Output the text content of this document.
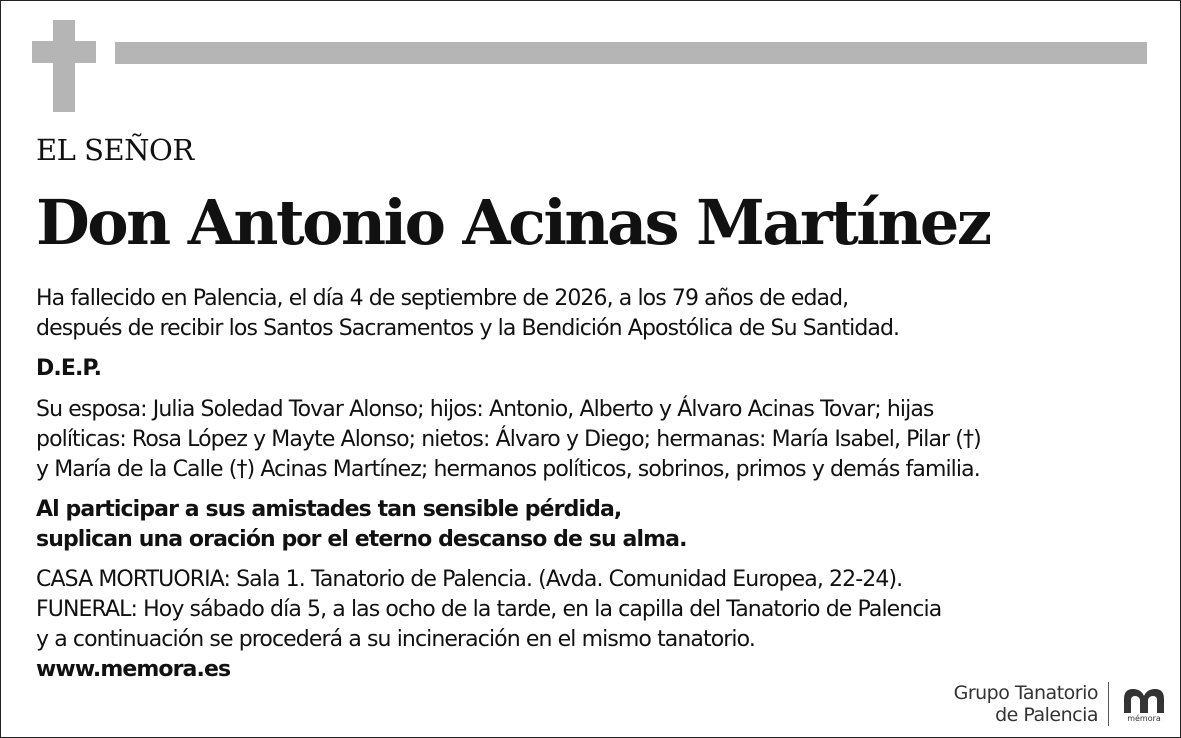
EL SEÑOR
Don Antonio Acinas Martínez
Ha fallecido en Palencia, el día 4 de septiembre de 2026, a los 79 años de edad,
después de recibir los Santos Sacramentos y la Bendición Apostólica de Su Santidad.
D.E.P.
Su esposa: Julia Soledad Tovar Alonso; hijos: Antonio, Alberto y Álvaro Acinas Tovar; hijas
políticas: Rosa López y Mayte Alonso; nietos: Álvaro y Diego; hermanas: María Isabel, Pilar (†)
y María de la Calle (†) Acinas Martínez; hermanos políticos, sobrinos, primos y demás familia.
Al participar a sus amistades tan sensible pérdida,
suplican una oración por el eterno descanso de su alma.
CASA MORTUORIA: Sala 1. Tanatorio de Palencia. (Avda. Comunidad Europea, 22-24).
FUNERAL: Hoy sábado día 5, a las ocho de la tarde, en la capilla del Tanatorio de Palencia
y a continuación se procederá a su incineración en el mismo tanatorio.
www.memora.es
Grupo Tanatorio
de Palencia	mémora
